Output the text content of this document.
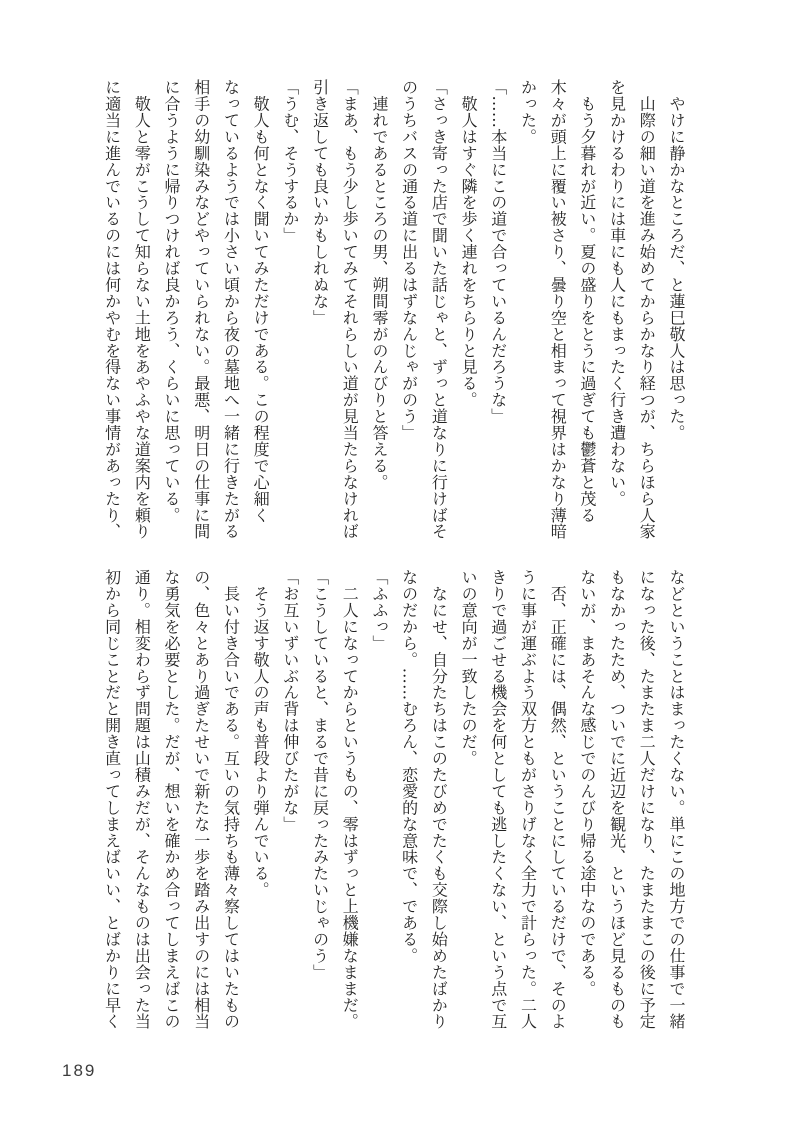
　やけに静かなところだ、と蓮巳敬人は思った。

　山際の細い道を進み始めてからかなり経つが、ちらほら人家

を見かけるわりには車にも人にもまったく行き遭わない。

　もう夕暮れが近い。夏の盛りをとうに過ぎても鬱蒼と茂る

木々が頭上に覆い被さり、曇り空と相まって視界はかなり薄暗

かった。

「……本当にこの道で合っているんだろうな」

　敬人はすぐ隣を歩く連れをちらりと見る。

「さっき寄った店で聞いた話じゃと、ずっと道なりに行けばそ

のうちバスの通る道に出るはずなんじゃがのう」

　連れであるところの男、朔間零がのんびりと答える。

「まあ、もう少し歩いてみてそれらしい道が見当たらなければ

引き返しても良いかもしれぬな」

「うむ、そうするか」

　敬人も何となく聞いてみただけである。この程度で心細く

なっているようでは小さい頃から夜の墓地へ一緒に行きたがる

相手の幼馴染みなどやっていられない。最悪、明日の仕事に間

に合うように帰りつければ良かろう、くらいに思っている。

　敬人と零がこうして知らない土地をあやふやな道案内を頼り

に適当に進んでいるのには何かやむを得ない事情があったり、

などということはまったくない。単にこの地方での仕事で一緒

になった後、たまたま二人だけになり、たまたまこの後に予定

もなかったため、ついでに近辺を観光、というほど見るものも

ないが、まあそんな感じでのんびり帰る途中なのである。

　否、正確には、偶然、ということにしているだけで、そのよ

うに事が運ぶよう双方ともがさりげなく全力で計らった。二人

きりで過ごせる機会を何としても逃したくない、という点で互

いの意向が一致したのだ。

　なにせ、自分たちはこのたびめでたくも交際し始めたばかり

なのだから。……むろん、恋愛的な意味で、である。

「ふふっ」

　二人になってからというもの、零はずっと上機嫌なままだ。

「こうしていると、まるで昔に戻ったみたいじゃのう」

「お互いずいぶん背は伸びたがな」

　そう返す敬人の声も普段より弾んでいる。

　長い付き合いである。互いの気持ちも薄々察してはいたもの

の、色々とあり過ぎたせいで新たな一歩を踏み出すのには相当

な勇気を必要とした。だが、想いを確かめ合ってしまえばこの

通り。相変わらず問題は山積みだが、そんなものは出会った当

初から同じことだと開き直ってしまえばいい、とばかりに早く

189
